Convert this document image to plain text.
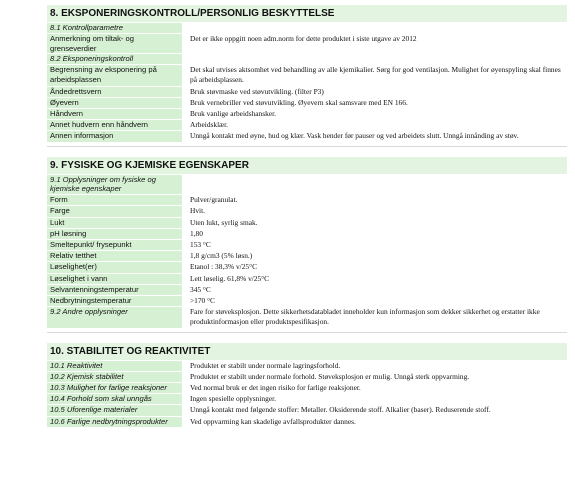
8. EKSPONERINGSKONTROLL/PERSONLIG BESKYTTELSE
8.1 Kontrollparametre		
Anmerkning om tiltak- og grenseverdier		Det er ikke oppgitt noen adm.norm for dette produktet i siste utgave av 2012
8.2 Eksponeringskontroll		
Begrensning av eksponering på arbeidsplassen		Det skal utvises aktsomhet ved behandling av alle kjemikalier. Sørg for god ventilasjon. Mulighet for øyenspyling skal finnes på arbeidsplassen.
Åndedrettsvern		Bruk støvmaske ved støvutvikling. (filter P3)
Øyevern		Bruk vernebriller ved støvutvikling. Øyevern skal samsvare med EN 166.
Håndvern		Bruk vanlige arbeidshansker.
Annet hudvern enn håndvern		Arbeidsklær.
Annen informasjon		Unngå kontakt med øyne, hud og klær. Vask hender før pauser og ved arbeidets slutt. Unngå innånding av støv.
9. FYSISKE OG KJEMISKE EGENSKAPER
9.1 Opplysninger om fysiske og kjemiske egenskaper		
Form		Pulver/granulat.
Farge		Hvit.
Lukt		Uten lukt, syrlig smak.
pH løsning		1,80
Smeltepunkt/ frysepunkt		153 °C
Relativ tetthet		1,8 g/cm3 (5% løsn.)
Løselighet(er)		Etanol : 38,3% v/25°C
Løselighet i vann		Lett løselig. 61,8% v/25°C
Selvantenningstemperatur		345 °C
Nedbrytningstemperatur		>170 °C
9.2 Andre opplysninger		Fare for støveksplosjon. Dette sikkerhetsdatabladet inneholder kun informasjon som dekker sikkerhet og erstatter ikke produktinformasjon eller produktspesifikasjon.
10. STABILITET OG REAKTIVITET
10.1 Reaktivitet		Produktet er stabilt under normale lagringsforhold.
10.2 Kjemisk stabilitet		Produktet er stabilt under normale forhold. Støveksplosjon er mulig. Unngå sterk oppvarming.
10.3 Mulighet for farlige reaksjoner		Ved normal bruk er det ingen risiko for farlige reaksjoner.
10.4 Forhold som skal unngås		Ingen spesielle opplysninger.
10.5 Uforenlige materialer		Unngå kontakt med følgende stoffer: Metaller. Oksiderende stoff. Alkalier (baser). Reduserende stoff.
10.6 Farlige nedbrytningsprodukter		Ved oppvarming kan skadelige avfallsprodukter dannes.
